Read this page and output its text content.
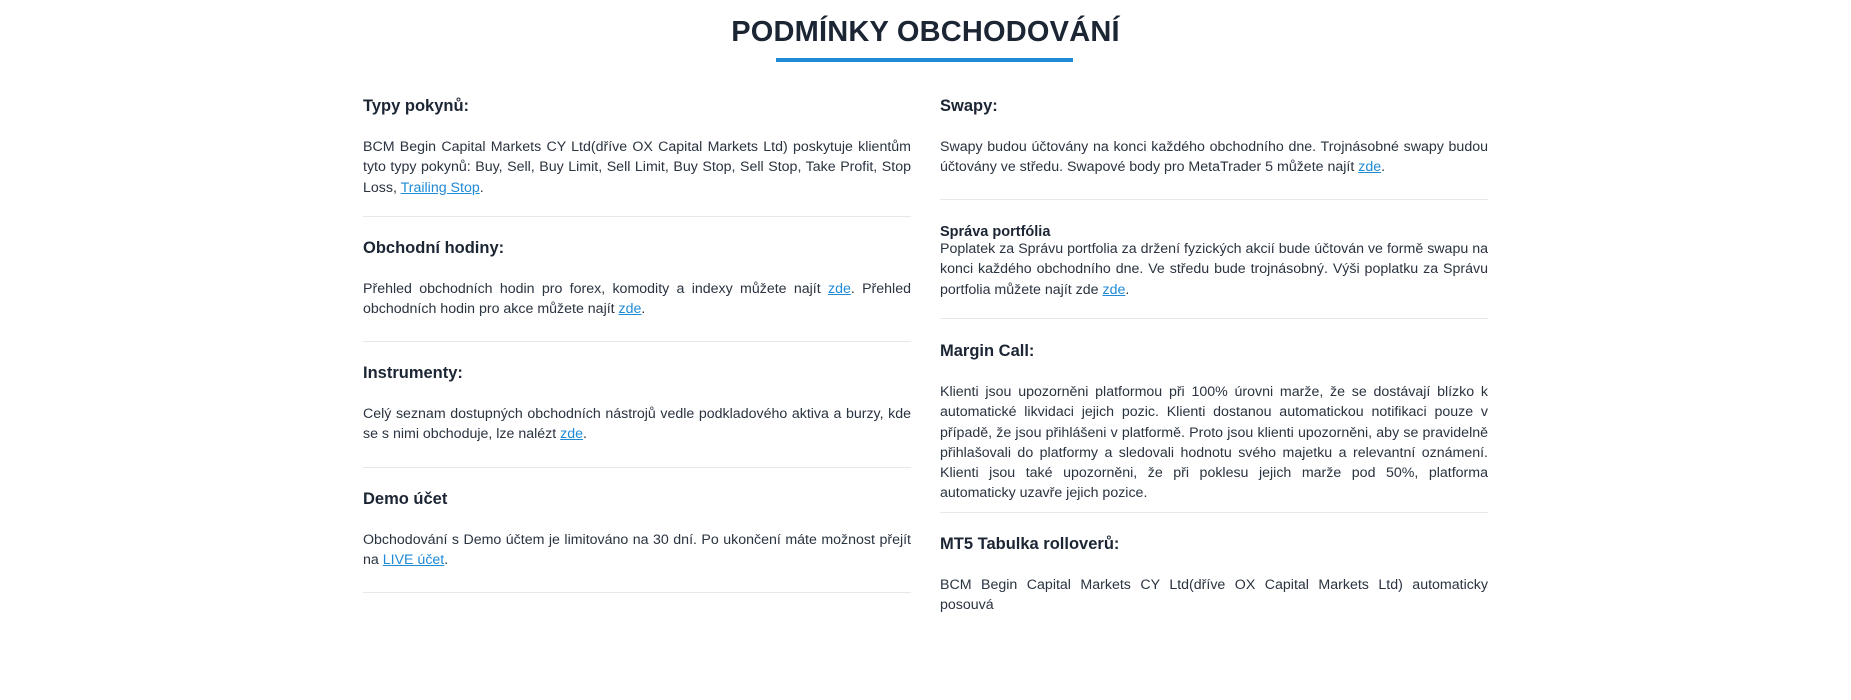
PODMÍNKY OBCHODOVÁNÍ
Typy pokynů:

BCM Begin Capital Markets CY Ltd(dříve OX Capital Markets Ltd) poskytuje klientům tyto typy pokynů: Buy, Sell, Buy Limit, Sell Limit, Buy Stop, Sell Stop, Take Profit, Stop Loss, Trailing Stop.

Obchodní hodiny:

Přehled obchodních hodin pro forex, komodity a indexy můžete najít zde. Přehled obchodních hodin pro akce můžete najít zde.

Instrumenty:

Celý seznam dostupných obchodních nástrojů vedle podkladového aktiva a burzy, kde se s nimi obchoduje, lze nalézt zde.

Demo účet

Obchodování s Demo účtem je limitováno na 30 dní. Po ukončení máte možnost přejít na LIVE účet.

Swapy:

Swapy budou účtovány na konci každého obchodního dne. Trojnásobné swapy budou účtovány ve středu. Swapové body pro MetaTrader 5 můžete najít zde.

Správa portfólia

Poplatek za Správu portfolia za držení fyzických akcií bude účtován ve formě swapu na konci každého obchodního dne. Ve středu bude trojnásobný. Výši poplatku za Správu portfolia můžete najít zde zde.

Margin Call:

Klienti jsou upozorněni platformou při 100% úrovni marže, že se dostávají blízko k automatické likvidaci jejich pozic. Klienti dostanou automatickou notifikaci pouze v případě, že jsou přihlášeni v platformě. Proto jsou klienti upozorněni, aby se pravidelně přihlašovali do platformy a sledovali hodnotu svého majetku a relevantní oznámení. Klienti jsou také upozorněni, že při poklesu jejich marže pod 50%, platforma automaticky uzavře jejich pozice.

MT5 Tabulka rolloverů:

BCM Begin Capital Markets CY Ltd(dříve OX Capital Markets Ltd) automaticky posouvá
